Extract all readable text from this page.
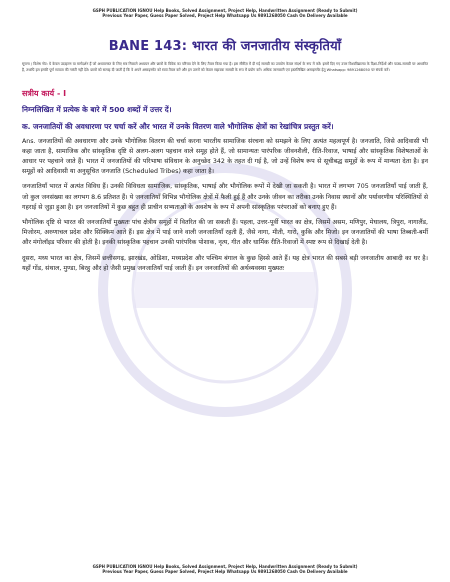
GSPH PUBLICATION IGNOU Help Books, Solved Assignment, Project Help, Handwritten Assignment (Ready to Submit)
Previous Year Paper, Guess Paper Solved, Project Help Whatsapp Us 9891268050 Cash On Delivery Available
BANE 143: भारत की जनजातीय संस्कृतियाँ
सूचना / विशेष नोट: ये केवल उदाहरण या मार्गदर्शन हैं जो अध्ययनरत के लिए सत्र निकाले अध्ययन और छात्रों के विवेक का परिचय देने के लिए तैयार किया गया है। इस सीरीज़ में दी गई सामग्री का उपयोग केवल संदर्भ के रूप में करें। इसमें दिए गए उत्तर विश्वविद्यालय के दिशा-निर्देशों और पाठ्य-सामग्री पर आधारित हैं, तथापि हम इनकी पूर्ण सत्यता की गारंटी नहीं देते। छात्रों को सलाह दी जाती है कि वे अपने असाइनमेंट को स्वयं तैयार करें और इन उत्तरों को केवल सहायक सामग्री के रूप में प्रयोग करें। अधिक जानकारी एवं हस्तलिखित असाइनमेंट हेतु Whatsapp: 9891268050 पर संपर्क करें।
सत्रीय कार्य - I
निम्नलिखित में प्रत्येक के बारे में 500 शब्दों में उत्तर दें।
क. जनजातियों की अवधारणा पर चर्चा करें और भारत में उनके वितरण वाले भौगोलिक क्षेत्रों का रेखांचित्र प्रस्तुत करें।
Ans. जनजातियों की अवधारणा और उनके भौगोलिक वितरण की चर्चा करना भारतीय सामाजिक संरचना को समझने के लिए अत्यंत महत्वपूर्ण है। जनजाति, जिसे आदिवासी भी कहा जाता है, सामाजिक और सांस्कृतिक दृष्टि से अलग-अलग पहचान वाले समूह होते हैं, जो सामान्यतः पारंपरिक जीवनशैली, रीति-रिवाज, भाषाई और सांस्कृतिक विशेषताओं के आधार पर पहचाने जाते हैं। भारत में जनजातियों की परिभाषा संविधान के अनुच्छेद 342 के तहत दी गई है, जो उन्हें विशेष रूप से सूचीबद्ध समूहों के रूप में मान्यता देता है। इन समूहों को आदिवासी या अनुसूचित जनजाति (Scheduled Tribes) कहा जाता है।
जनजातियाँ भारत में अत्यंत विविध हैं। उनकी विविधता सामाजिक, सांस्कृतिक, भाषाई और भौगोलिक रूपों में देखी जा सकती है। भारत में लगभग 705 जनजातियाँ पाई जाती हैं, जो कुल जनसंख्या का लगभग 8.6 प्रतिशत हैं। ये जनजातियाँ विभिन्न भौगोलिक क्षेत्रों में फैली हुई हैं और उनके जीवन का तरीका उनके निवास स्थानों और पर्यावरणीय परिस्थितियों से गहराई से जुड़ा हुआ है। इन जनजातियों में कुछ बहुत ही प्राचीन सभ्यताओं के अवशेष के रूप में अपनी सांस्कृतिक परंपराओं को बनाए हुए हैं।
भौगोलिक दृष्टि से भारत की जनजातियाँ मुख्यतः पांच क्षेत्रीय समूहों में वितरित की जा सकती हैं। पहला, उत्तर-पूर्वी भारत का क्षेत्र, जिसमें असम, मणिपुर, मेघालय, त्रिपुरा, नागालैंड, मिजोरम, अरुणाचल प्रदेश और सिक्किम आते हैं। इस क्षेत्र में पाई जाने वाली जनजातियाँ रहती हैं, जैसे नागा, मीती, गारो, कुकि और मिजो। इन जनजातियों की भाषा तिब्बती-बर्मी और मंगोलॉइड परिवार की होती है। इनकी सांस्कृतिक पहचान उनकी पारंपरिक पोशाक, नृत्य, गीत और धार्मिक रीति-रिवाजों में स्पष्ट रूप से दिखाई देती है।
दूसरा, मध्य भारत का क्षेत्र, जिसमें छत्तीसगढ़, झारखंड, ओडिशा, मध्यप्रदेश और पश्चिम बंगाल के कुछ हिस्से आते हैं। यह क्षेत्र भारत की सबसे बड़ी जनजातीय आबादी का घर है। यहाँ गोंड, संथाल, मुण्डा, बिरहु और हो जैसी प्रमुख जनजातियाँ पाई जाती हैं। इन जनजातियों की अर्थव्यवस्था मुख्यतः
GSPH PUBLICATION IGNOU Help Books, Solved Assignment, Project Help, Handwritten Assignment (Ready to Submit)
Previous Year Paper, Guess Paper Solved, Project Help Whatsapp Us 9891268050 Cash On Delivery Available
